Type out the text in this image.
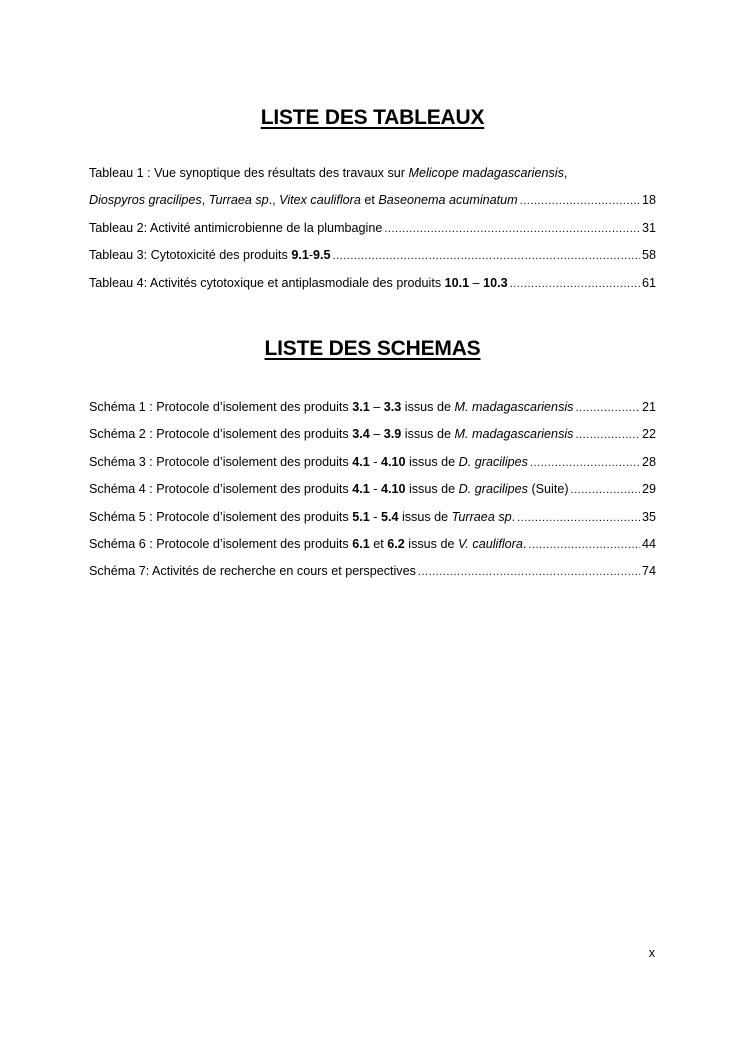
LISTE DES TABLEAUX
Tableau 1 : Vue synoptique des résultats des travaux sur Melicope madagascariensis,
Diospyros gracilipes, Turraea sp., Vitex cauliflora et Baseonema acuminatum .....	18
Tableau 2: Activité antimicrobienne de la plumbagine .....	31
Tableau 3: Cytotoxicité des produits 9.1-9.5 .....	58
Tableau 4: Activités cytotoxique et antiplasmodiale des produits 10.1 – 10.3 .....	61
LISTE DES SCHEMAS
Schéma 1 : Protocole d’isolement des produits 3.1 – 3.3 issus de M. madagascariensis .....	21
Schéma 2 : Protocole d’isolement des produits 3.4 – 3.9 issus de M. madagascariensis .....	22
Schéma 3 : Protocole d’isolement des produits 4.1 - 4.10 issus de D. gracilipes .....	28
Schéma 4 : Protocole d’isolement des produits 4.1 - 4.10 issus de D. gracilipes (Suite) .....	29
Schéma 5 : Protocole d’isolement des produits 5.1 - 5.4 issus de Turraea sp. .....	35
Schéma 6 : Protocole d’isolement des produits 6.1 et 6.2 issus de V. cauliflora. .....	44
Schéma 7: Activités de recherche en cours et perspectives .....	74
x
